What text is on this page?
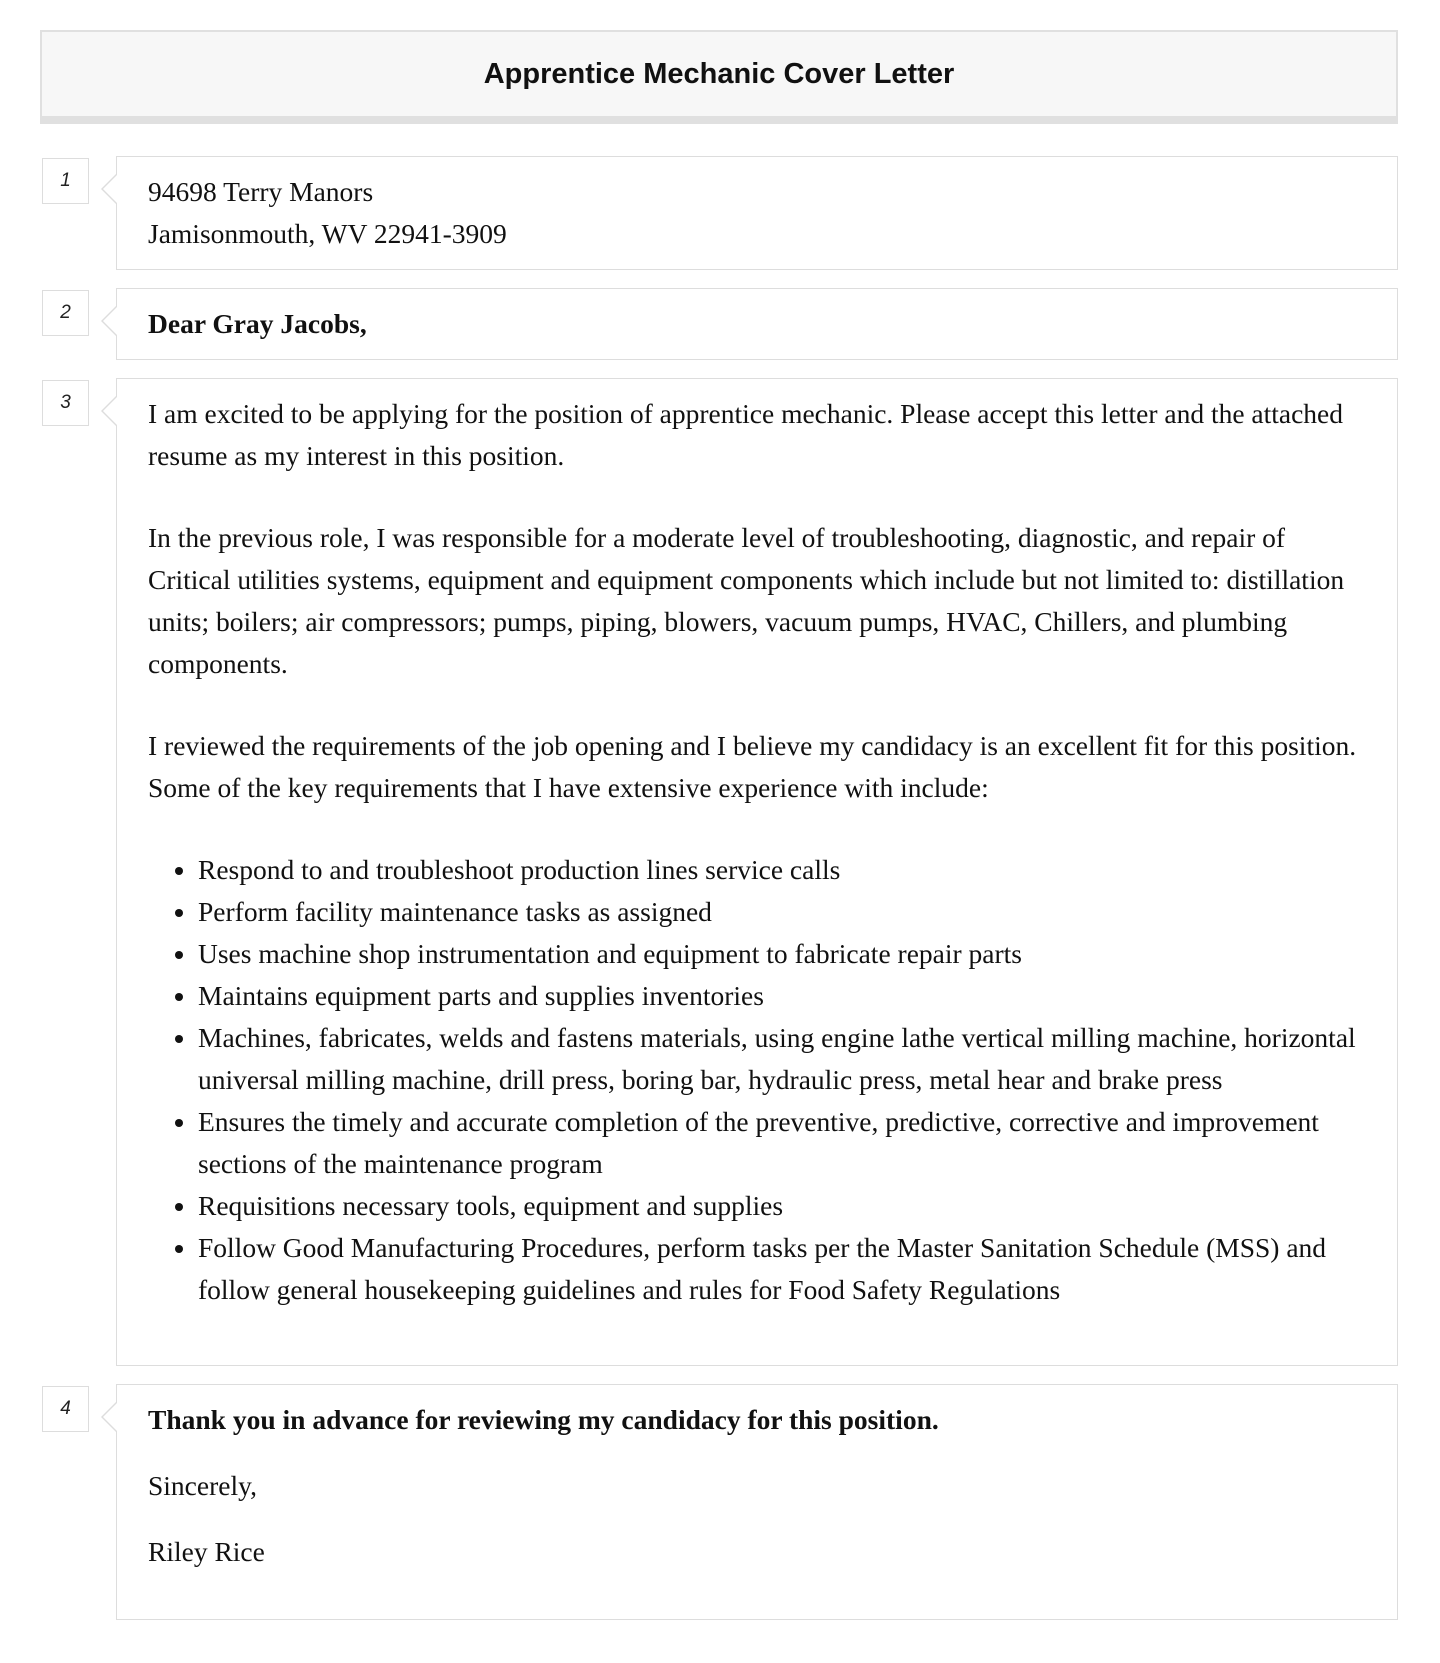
Apprentice Mechanic Cover Letter
1	94698 Terry Manors

Jamisonmouth, WV 22941-3909

2	Dear Gray Jacobs,

3	I am excited to be applying for the position of apprentice mechanic. Please accept this letter and the attached resume as my interest in this position.

In the previous role, I was responsible for a moderate level of troubleshooting, diagnostic, and repair of Critical utilities systems, equipment and equipment components which include but not limited to: distillation units; boilers; air compressors; pumps, piping, blowers, vacuum pumps, HVAC, Chillers, and plumbing components.

I reviewed the requirements of the job opening and I believe my candidacy is an excellent fit for this position. Some of the key requirements that I have extensive experience with include:

• Respond to and troubleshoot production lines service calls
• Perform facility maintenance tasks as assigned
• Uses machine shop instrumentation and equipment to fabricate repair parts
• Maintains equipment parts and supplies inventories
• Machines, fabricates, welds and fastens materials, using engine lathe vertical milling machine, horizontal universal milling machine, drill press, boring bar, hydraulic press, metal hear and brake press
• Ensures the timely and accurate completion of the preventive, predictive, corrective and improvement sections of the maintenance program
• Requisitions necessary tools, equipment and supplies
• Follow Good Manufacturing Procedures, perform tasks per the Master Sanitation Schedule (MSS) and follow general housekeeping guidelines and rules for Food Safety Regulations
4	Thank you in advance for reviewing my candidacy for this position.

Sincerely,

Riley Rice
